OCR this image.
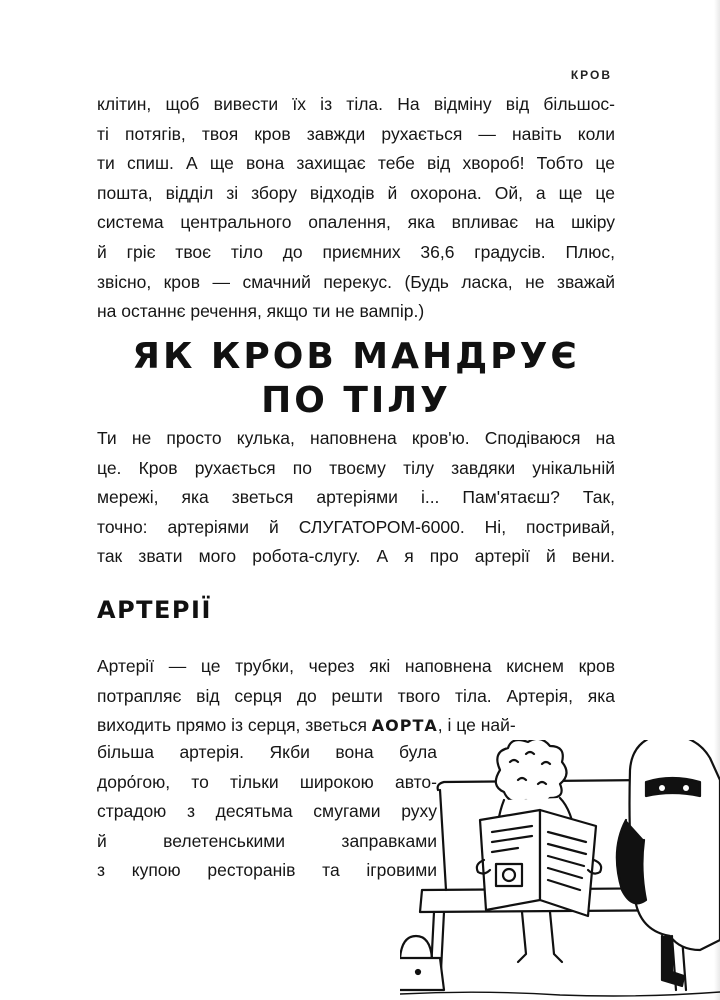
КРОВ
клітин, щоб вивести їх із тіла. На відміну від більшос-
ті потягів, твоя кров завжди рухається — навіть коли
ти спиш. А ще вона захищає тебе від хвороб! Тобто це
пошта, відділ зі збору відходів й охорона. Ой, а ще це
система центрального опалення, яка впливає на шкіру
й гріє твоє тіло до приємних 36,6 градусів. Плюс,
звісно, кров — смачний перекус. (Будь ласка, не зважай
на останнє речення, якщо ти не вампір.)
ЯК КРОВ МАНДРУЄ
ПО ТІЛУ
Ти не просто кулька, наповнена кров'ю. Сподіваюся на
це. Кров рухається по твоєму тілу завдяки унікальній
мережі, яка зветься артеріями і... Пам'ятаєш? Так,
точно: артеріями й СЛУГАТОРОМ-6000. Ні, постривай,
так звати мого робота-слугу. А я про артерії й вени.
АРТЕРІЇ
Артерії — це трубки, через які наповнена киснем кров
потрапляє від серця до решти твого тіла. Артерія, яка
виходить прямо із серця, зветься АОРТА, і це най-
більша артерія. Якби вона була
доро́гою, то тільки широкою авто-
страдою з десятьма смугами руху
й велетенськими заправками
з купою ресторанів та ігровими
